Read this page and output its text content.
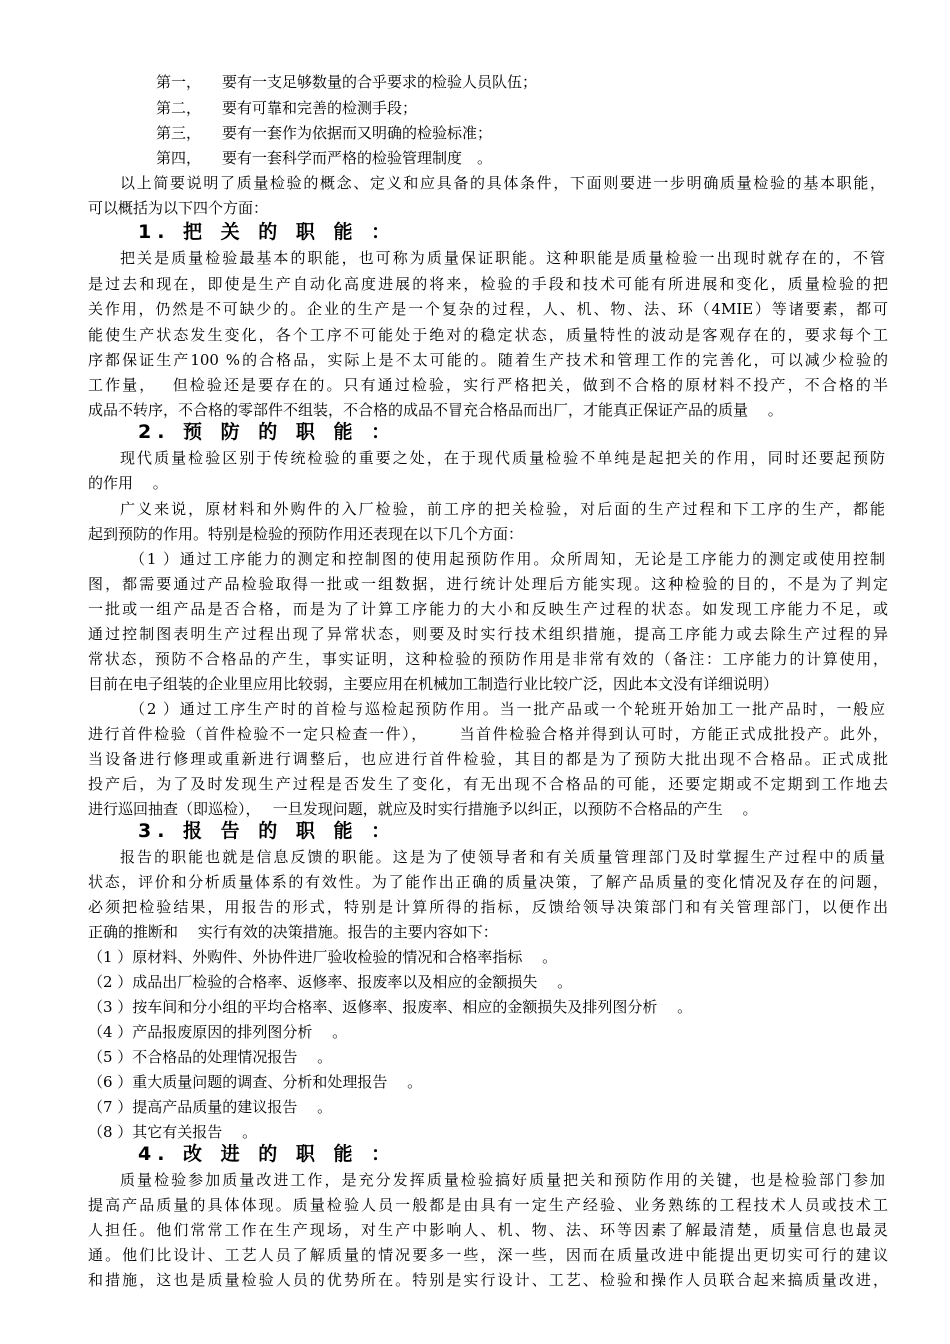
第一， 要有一支足够数量的合乎要求的检验人员队伍；
第二， 要有可靠和完善的检测手段；
第三， 要有一套作为依据而又明确的检验标准；
第四， 要有一套科学而严格的检验管理制度　。
以上简要说明了质量检验的概念、定义和应具备的具体条件，下面则要进一步明确质量检验的基本职能，
可以概括为以下四个方面：
1. 把 关 的 职 能 ：
把关是质量检验最基本的职能，也可称为质量保证职能。这种职能是质量检验一出现时就存在的，不管
是过去和现在，即使是生产自动化高度进展的将来，检验的手段和技术可能有所进展和变化，质量检验的把
关作用，仍然是不可缺少的。企业的生产是一个复杂的过程，人、机、物、法、环（4MIE）等诸要素，都可
能使生产状态发生变化，各个工序不可能处于绝对的稳定状态，质量特性的波动是客观存在的，要求每个工
序都保证生产100 %的合格品，实际上是不太可能的。随着生产技术和管理工作的完善化，可以减少检验的
工作量，　 但检验还是要存在的。只有通过检验，实行严格把关，做到不合格的原材料不投产，不合格的半
成品不转序，不合格的零部件不组装，不合格的成品不冒充合格品而出厂，才能真正保证产品的质量　 。
2. 预 防 的 职 能 ：
现代质量检验区别于传统检验的重要之处，在于现代质量检验不单纯是起把关的作用，同时还要起预防
的作用　 。
广义来说，原材料和外购件的入厂检验，前工序的把关检验，对后面的生产过程和下工序的生产，都能
起到预防的作用。特别是检验的预防作用还表现在以下几个方面：
（1 ）通过工序能力的测定和控制图的使用起预防作用。众所周知，无论是工序能力的测定或使用控制
图，都需要通过产品检验取得一批或一组数据，进行统计处理后方能实现。这种检验的目的，不是为了判定
一批或一组产品是否合格，而是为了计算工序能力的大小和反映生产过程的状态。如发现工序能力不足，或
通过控制图表明生产过程出现了异常状态，则要及时实行技术组织措施，提高工序能力或去除生产过程的异
常状态，预防不合格品的产生，事实证明，这种检验的预防作用是非常有效的（备注：工序能力的计算使用，
目前在电子组装的企业里应用比较弱，主要应用在机械加工制造行业比较广泛，因此本文没有详细说明）
（2 ）通过工序生产时的首检与巡检起预防作用。当一批产品或一个轮班开始加工一批产品时，一般应
进行首件检验（首件检验不一定只检查一件），　　 当首件检验合格并得到认可时，方能正式成批投产。此外，
当设备进行修理或重新进行调整后，也应进行首件检验，其目的都是为了预防大批出现不合格品。正式成批
投产后，为了及时发现生产过程是否发生了变化，有无出现不合格品的可能，还要定期或不定期到工作地去
进行巡回抽查（即巡检），　 一旦发现问题，就应及时实行措施予以纠正，以预防不合格品的产生　 。
3. 报 告 的 职 能 ：
报告的职能也就是信息反馈的职能。这是为了使领导者和有关质量管理部门及时掌握生产过程中的质量
状态，评价和分析质量体系的有效性。为了能作出正确的质量决策，了解产品质量的变化情况及存在的问题，
必须把检验结果，用报告的形式，特别是计算所得的指标，反馈给领导决策部门和有关管理部门，以便作出
正确的推断和　 实行有效的决策措施。报告的主要内容如下：
（1 ）原材料、外购件、外协件进厂验收检验的情况和合格率指标　 。
（2 ）成品出厂检验的合格率、返修率、报废率以及相应的金额损失　 。
（3 ）按车间和分小组的平均合格率、返修率、报废率、相应的金额损失及排列图分析　 。
（4 ）产品报废原因的排列图分析　 。
（5 ）不合格品的处理情况报告　 。
（6 ）重大质量问题的调查、分析和处理报告　 。
（7 ）提高产品质量的建议报告　 。
（8 ）其它有关报告　 。
4. 改 进 的 职 能 ：
质量检验参加质量改进工作，是充分发挥质量检验搞好质量把关和预防作用的关键，也是检验部门参加
提高产品质量的具体体现。质量检验人员一般都是由具有一定生产经验、业务熟练的工程技术人员或技术工
人担任。他们常常工作在生产现场，对生产中影响人、机、物、法、环等因素了解最清楚，质量信息也最灵
通。他们比设计、工艺人员了解质量的情况要多一些，深一些，因而在质量改进中能提出更切实可行的建议
和措施，这也是质量检验人员的优势所在。特别是实行设计、工艺、检验和操作人员联合起来搞质量改进，
